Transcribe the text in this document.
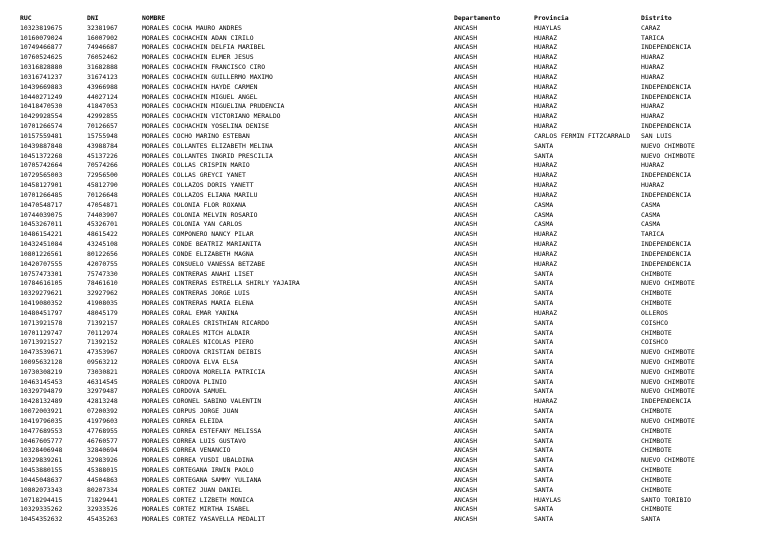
RUC	DNI	NOMBRE	Departamento	Provincia	Distrito
10323819675	32381967	MORALES COCHA MAURO ANDRES	ANCASH	HUAYLAS	CARAZ
10160079024	16007902	MORALES COCHACHIN ADAN CIRILO	ANCASH	HUARAZ	TARICA
10749466877	74946687	MORALES COCHACHIN DELFIA MARIBEL	ANCASH	HUARAZ	INDEPENDENCIA
10760524625	76052462	MORALES COCHACHIN ELMER JESUS	ANCASH	HUARAZ	HUARAZ
10316828880	31682888	MORALES COCHACHIN FRANCISCO CIRO	ANCASH	HUARAZ	HUARAZ
10316741237	31674123	MORALES COCHACHIN GUILLERMO MAXIMO	ANCASH	HUARAZ	HUARAZ
10439669883	43966988	MORALES COCHACHIN HAYDE CARMEN	ANCASH	HUARAZ	INDEPENDENCIA
10440271249	44027124	MORALES COCHACHIN MIGUEL ANGEL	ANCASH	HUARAZ	INDEPENDENCIA
10418470530	41847053	MORALES COCHACHIN MIGUELINA PRUDENCIA	ANCASH	HUARAZ	HUARAZ
10429928554	42992855	MORALES COCHACHIN VICTORIANO MERALDO	ANCASH	HUARAZ	HUARAZ
10701266574	70126657	MORALES COCHACHIN YOSELINA DENISE	ANCASH	HUARAZ	INDEPENDENCIA
10157559481	15755948	MORALES COCHO MARINO ESTEBAN	ANCASH	CARLOS FERMIN FITZCARRALD	SAN LUIS
10439887848	43988784	MORALES COLLANTES ELIZABETH MELINA	ANCASH	SANTA	NUEVO CHIMBOTE
10451372268	45137226	MORALES COLLANTES INGRID PRESCILIA	ANCASH	SANTA	NUEVO CHIMBOTE
10705742664	70574266	MORALES COLLAS CRISPIN MARIO	ANCASH	HUARAZ	HUARAZ
10729565003	72956500	MORALES COLLAS GREYCI YANET	ANCASH	HUARAZ	INDEPENDENCIA
10458127901	45812790	MORALES COLLAZOS DORIS YANETT	ANCASH	HUARAZ	HUARAZ
10701266485	70126648	MORALES COLLAZOS ELIANA MARILU	ANCASH	HUARAZ	INDEPENDENCIA
10470548717	47054871	MORALES COLONIA FLOR ROXANA	ANCASH	CASMA	CASMA
10744039075	74403907	MORALES COLONIA MELVIN ROSARIO	ANCASH	CASMA	CASMA
10453267011	45326701	MORALES COLONIA YAN CARLOS	ANCASH	CASMA	CASMA
10486154221	48615422	MORALES COMPONERO NANCY PILAR	ANCASH	HUARAZ	TARICA
10432451084	43245108	MORALES CONDE BEATRIZ MARIANITA	ANCASH	HUARAZ	INDEPENDENCIA
10801226561	80122656	MORALES CONDE ELIZABETH MAGNA	ANCASH	HUARAZ	INDEPENDENCIA
10420707555	42070755	MORALES CONSUELO VANESSA BETZABE	ANCASH	HUARAZ	INDEPENDENCIA
10757473301	75747330	MORALES CONTRERAS ANAHI LISET	ANCASH	SANTA	CHIMBOTE
10784616105	78461610	MORALES CONTRERAS ESTRELLA SHIRLY YAJAIRA	ANCASH	SANTA	NUEVO CHIMBOTE
10329279621	32927962	MORALES CONTRERAS JORGE LUIS	ANCASH	SANTA	CHIMBOTE
10419080352	41908035	MORALES CONTRERAS MARIA ELENA	ANCASH	SANTA	CHIMBOTE
10480451797	48045179	MORALES CORAL EMAR YANINA	ANCASH	HUARAZ	OLLEROS
10713921578	71392157	MORALES CORALES CRISTHIAN RICARDO	ANCASH	SANTA	COISHCO
10701129747	70112974	MORALES CORALES MITCH ALDAIR	ANCASH	SANTA	CHIMBOTE
10713921527	71392152	MORALES CORALES NICOLAS PIERO	ANCASH	SANTA	COISHCO
10473539671	47353967	MORALES CORDOVA CRISTIAN DEIBIS	ANCASH	SANTA	NUEVO CHIMBOTE
10095632128	09563212	MORALES CORDOVA ELVA ELSA	ANCASH	SANTA	NUEVO CHIMBOTE
10730308219	73030821	MORALES CORDOVA MORELIA PATRICIA	ANCASH	SANTA	NUEVO CHIMBOTE
10463145453	46314545	MORALES CORDOVA PLINIO	ANCASH	SANTA	NUEVO CHIMBOTE
10329794879	32979487	MORALES CORDOVA SAMUEL	ANCASH	SANTA	NUEVO CHIMBOTE
10428132489	42813248	MORALES CORONEL SABINO VALENTIN	ANCASH	HUARAZ	INDEPENDENCIA
10072003921	07200392	MORALES CORPUS JORGE JUAN	ANCASH	SANTA	CHIMBOTE
10419796035	41979603	MORALES CORREA ELEIDA	ANCASH	SANTA	NUEVO CHIMBOTE
10477689553	47768955	MORALES CORREA ESTEFANY MELISSA	ANCASH	SANTA	CHIMBOTE
10467605777	46760577	MORALES CORREA LUIS GUSTAVO	ANCASH	SANTA	CHIMBOTE
10328406948	32840694	MORALES CORREA VENANCIO	ANCASH	SANTA	CHIMBOTE
10329839261	32983926	MORALES CORREA YUSDI UBALDINA	ANCASH	SANTA	NUEVO CHIMBOTE
10453880155	45388015	MORALES CORTEGANA IRWIN PAOLO	ANCASH	SANTA	CHIMBOTE
10445048637	44504863	MORALES CORTEGANA SAMMY YULIANA	ANCASH	SANTA	CHIMBOTE
10802073343	80207334	MORALES CORTEZ JUAN DANIEL	ANCASH	SANTA	CHIMBOTE
10718294415	71829441	MORALES CORTEZ LIZBETH MONICA	ANCASH	HUAYLAS	SANTO TORIBIO
10329335262	32933526	MORALES CORTEZ MIRTHA ISABEL	ANCASH	SANTA	CHIMBOTE
10454352632	45435263	MORALES CORTEZ YASAVELLA MEDALIT	ANCASH	SANTA	SANTA
